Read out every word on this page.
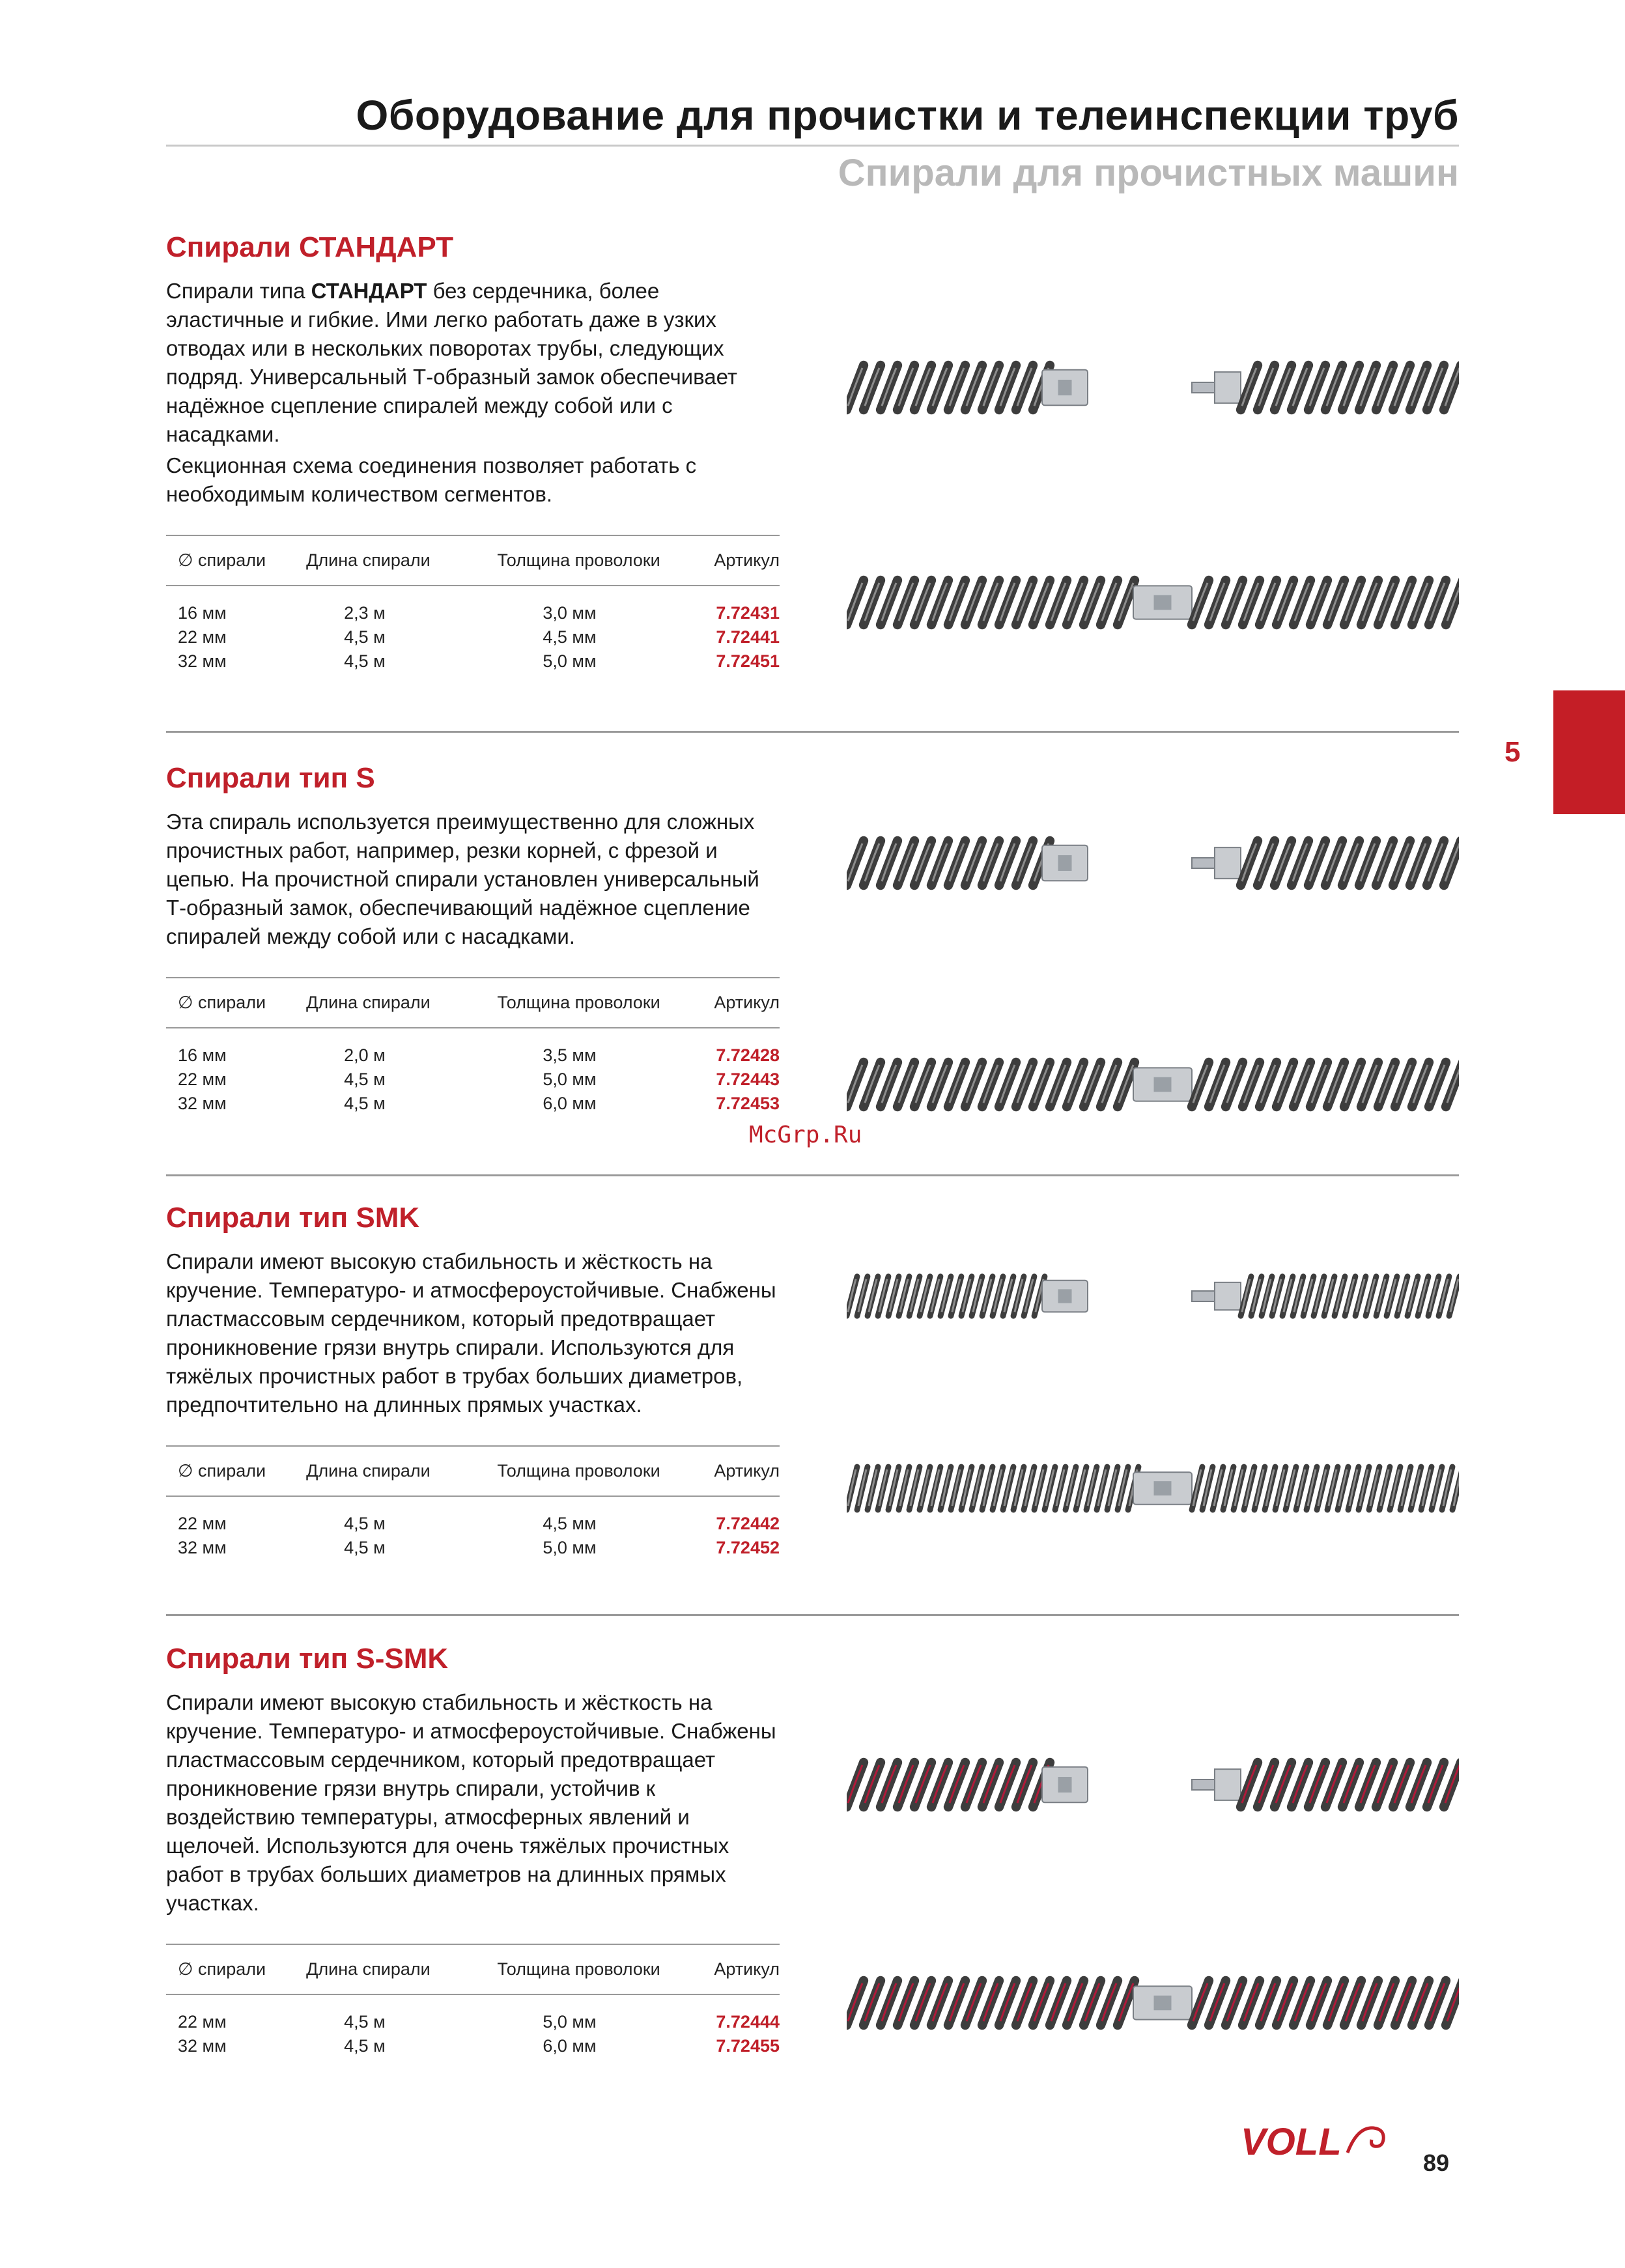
Оборудование для прочистки и телеинспекции труб
Спирали для прочистных машин
5
Спирали СТАНДАРТ

Спирали типа СТАНДАРТ без сердечника, более эластичные и гибкие. Ими легко работать даже в узких отводах или в нескольких поворотах трубы, следующих подряд. Универсальный Т-образный замок обеспечивает надёжное сцепление спиралей между собой или с насадками.

Секционная схема соединения позволяет работать с необходимым количеством сегментов.

∅ спирали	Длина спирали	Толщина проволоки	Артикул
16 мм	2,3 м	3,0 мм	7.72431
22 мм	4,5 м	4,5 мм	7.72441
32 мм	4,5 м	5,0 мм	7.72451
Спирали тип S

Эта спираль используется преимущественно для сложных прочистных работ, например, резки корней, с фрезой и цепью. На прочистной спирали установлен универсальный Т-образный замок, обеспечивающий надёжное сцепление спиралей между собой или с насадками.

∅ спирали	Длина спирали	Толщина проволоки	Артикул
16 мм	2,0 м	3,5 мм	7.72428
22 мм	4,5 м	5,0 мм	7.72443
32 мм	4,5 м	6,0 мм	7.72453
McGrp.Ru
Спирали тип SMK

Спирали имеют высокую стабильность и жёсткость на кручение. Температуро- и атмосфероустойчивые. Снабжены пластмассовым сердечником, который предотвращает проникновение грязи внутрь спирали. Используются для тяжёлых прочистных работ в трубах больших диаметров, предпочтительно на длинных прямых участках.

∅ спирали	Длина спирали	Толщина проволоки	Артикул
22 мм	4,5 м	4,5 мм	7.72442
32 мм	4,5 м	5,0 мм	7.72452
Спирали тип S-SMK

Спирали имеют высокую стабильность и жёсткость на кручение. Температуро- и атмосфероустойчивые. Снабжены пластмассовым сердечником, который предотвращает проникновение грязи внутрь спирали, устойчив к воздействию температуры, атмосферных явлений и щелочей. Используются для очень тяжёлых прочистных работ в трубах больших диаметров на длинных прямых участках.

∅ спирали	Длина спирали	Толщина проволоки	Артикул
22 мм	4,5 м	5,0 мм	7.72444
32 мм	4,5 м	6,0 мм	7.72455
VOLL	89
